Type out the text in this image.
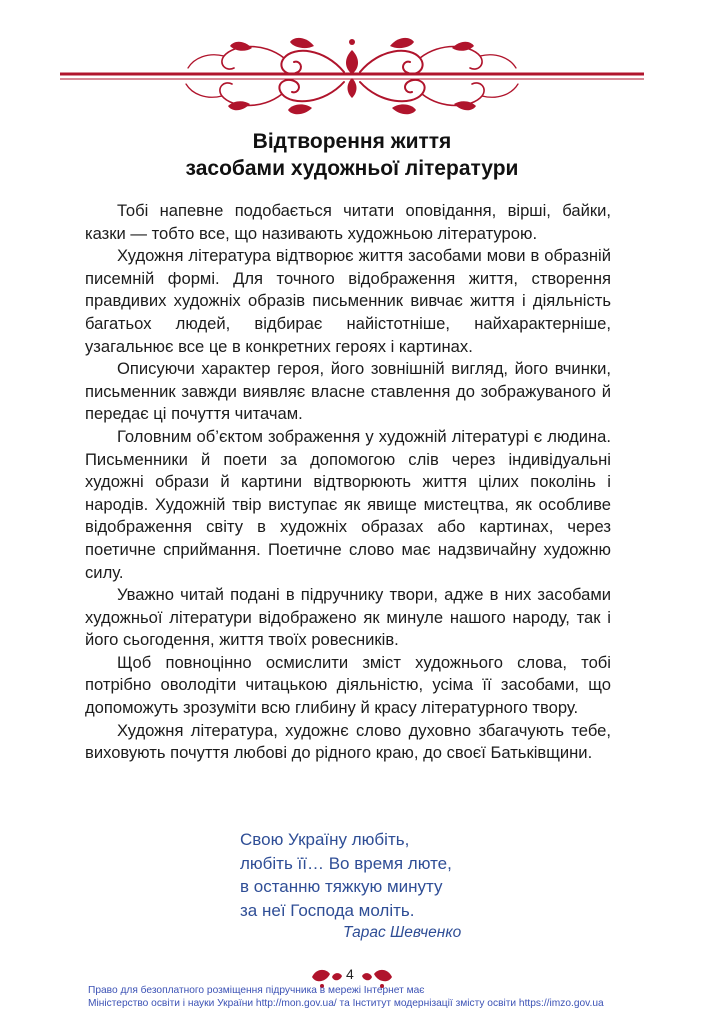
Відтворення життя
засобами художньої літератури

Тобі напевне подобається читати оповідання, вірші, байки, казки — тобто все, що називають художньою літературою.

Художня література відтворює життя засобами мови в образній писемній формі. Для точного відображення життя, створення правдивих художніх образів письменник вивчає життя і діяльність багатьох людей, відбирає найістотніше, найхарактерніше, узагальнює все це в конкретних героях і картинах.

Описуючи характер героя, його зовнішній вигляд, його вчинки, письменник завжди виявляє власне ставлення до зображуваного й передає ці почуття читачам.

Головним об’єктом зображення у художній літературі є людина. Письменники й поети за допомогою слів через індивідуальні художні образи й картини відтворюють життя цілих поколінь і народів. Художній твір виступає як явище мистецтва, як особливе відображення світу в художніх образах або картинах, через поетичне сприймання. Поетичне слово має надзвичайну художню силу.

Уважно читай подані в підручнику твори, адже в них засобами художньої літератури відображено як минуле нашого народу, так і його сьогодення, життя твоїх ровесників.

Щоб повноцінно осмислити зміст художнього слова, тобі потрібно оволодіти читацькою діяльністю, усіма її засобами, що допоможуть зрозуміти всю глибину й красу літературного твору.

Художня література, художнє слово духовно збагачують тебе, виховують почуття любові до рідного краю, до своєї Батьківщини.

Свою Україну любіть,
любіть її… Во время люте,
в останню тяжкую минуту
за неї Господа моліть.
Тарас Шевченко
4
Право для безоплатного розміщення підручника в мережі Інтернет має
Міністерство освіти і науки України http://mon.gov.ua/ та Інститут модернізації змісту освіти https://imzo.gov.ua
